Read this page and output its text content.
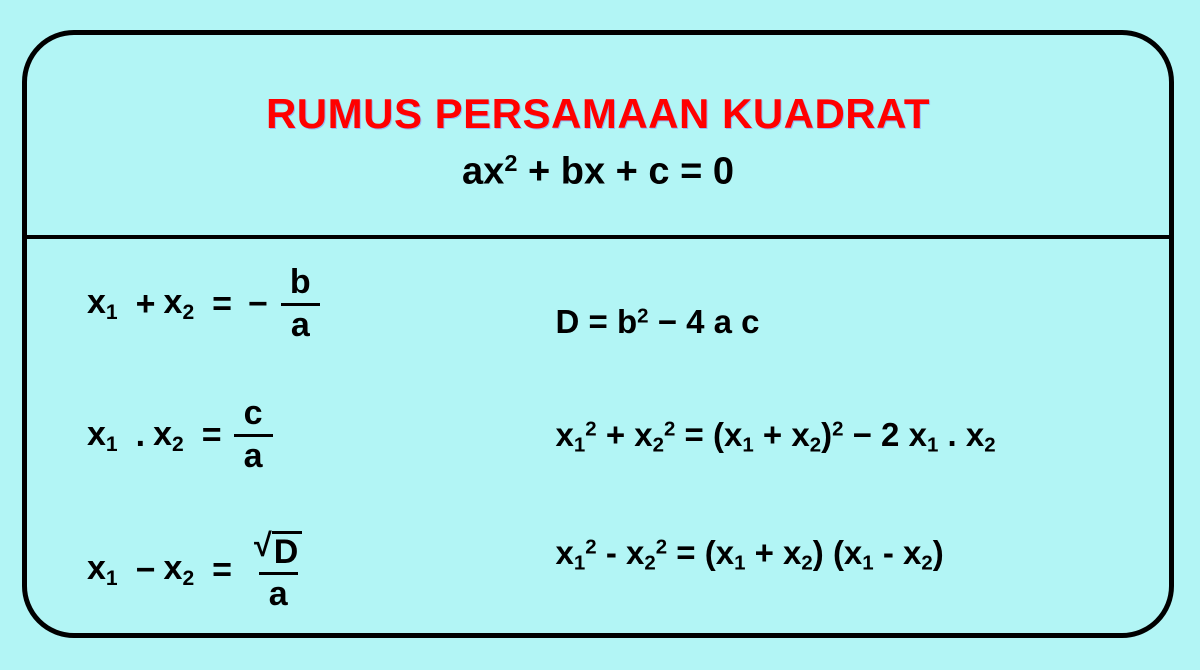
RUMUS PERSAMAAN KUADRAT
$ax^2$ + bx + c = 0
$x_1 + x_2$ = − $\frac{b}{a}$
$x_1$ . $x_2 = \frac{c}{a}$
$x_1 - x_2 = \frac{√ D}{a}$
$D = b^2 - 4$ a c
$x_1^2 + x_2^2 = (x_1 + x_2)^2 - 2$ $x_1$ . $x_2$
$x_1^2 - x_2^2 = (x_1 + x_2)$ $(x_1 - x_2)$
